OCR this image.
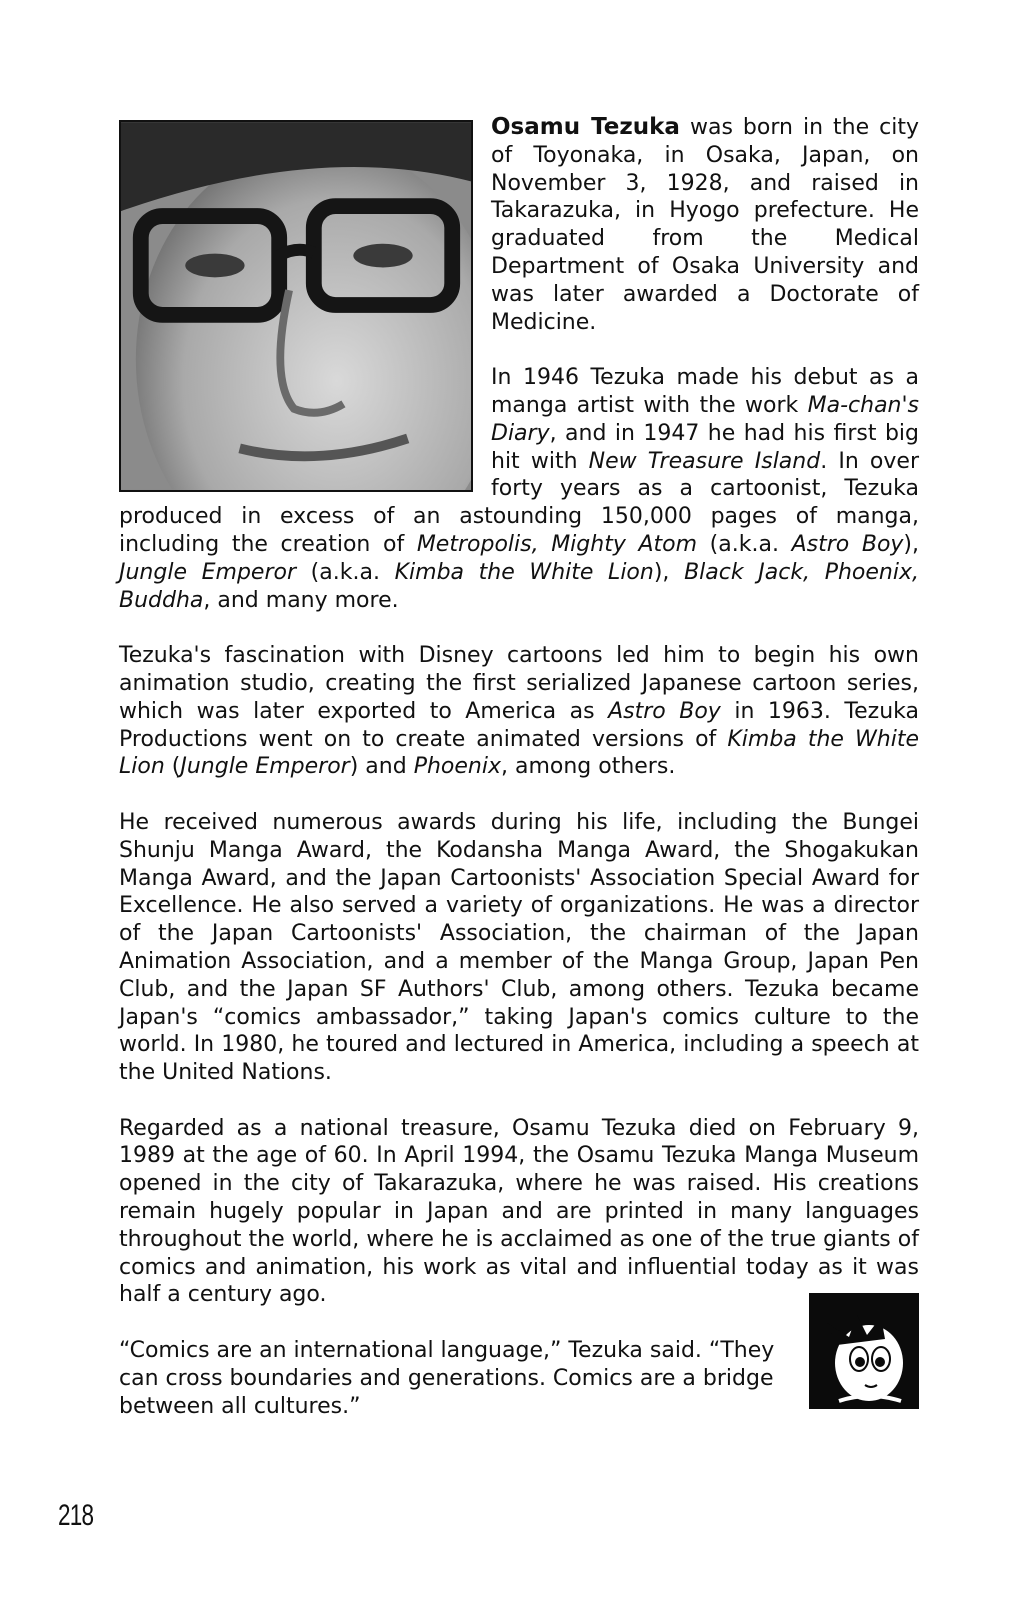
Osamu Tezuka was born in the city of Toyonaka, in Osaka, Japan, on November 3, 1928, and raised in Takarazuka, in Hyogo prefecture. He graduated from the Medical Department of Osaka University and was later awarded a Doctorate of Medicine.

In 1946 Tezuka made his debut as a manga artist with the work Ma-chan's Diary, and in 1947 he had his first big hit with New Treasure Island. In over forty years as a cartoonist, Tezuka produced in excess of an astounding 150,000 pages of manga, including the creation of Metropolis, Mighty Atom (a.k.a. Astro Boy), Jungle Emperor (a.k.a. Kimba the White Lion), Black Jack, Phoenix, Buddha, and many more.

Tezuka's fascination with Disney cartoons led him to begin his own animation studio, creating the first serialized Japanese cartoon series, which was later exported to America as Astro Boy in 1963. Tezuka Productions went on to create animated versions of Kimba the White Lion (Jungle Emperor) and Phoenix, among others.

He received numerous awards during his life, including the Bungei Shunju Manga Award, the Kodansha Manga Award, the Shogakukan Manga Award, and the Japan Cartoonists' Association Special Award for Excellence. He also served a variety of organizations. He was a director of the Japan Cartoonists' Association, the chairman of the Japan Animation Association, and a member of the Manga Group, Japan Pen Club, and the Japan SF Authors' Club, among others. Tezuka became Japan's “comics ambassador,” taking Japan's comics culture to the world. In 1980, he toured and lectured in America, including a speech at the United Nations.

Regarded as a national treasure, Osamu Tezuka died on February 9, 1989 at the age of 60. In April 1994, the Osamu Tezuka Manga Museum opened in the city of Takarazuka, where he was raised. His creations remain hugely popular in Japan and are printed in many languages throughout the world, where he is acclaimed as one of the true giants of comics and animation, his work as vital and influential today as it was half a century ago.

“Comics are an international language,” Tezuka said. “They can cross boundaries and generations. Comics are a bridge between all cultures.”

218
